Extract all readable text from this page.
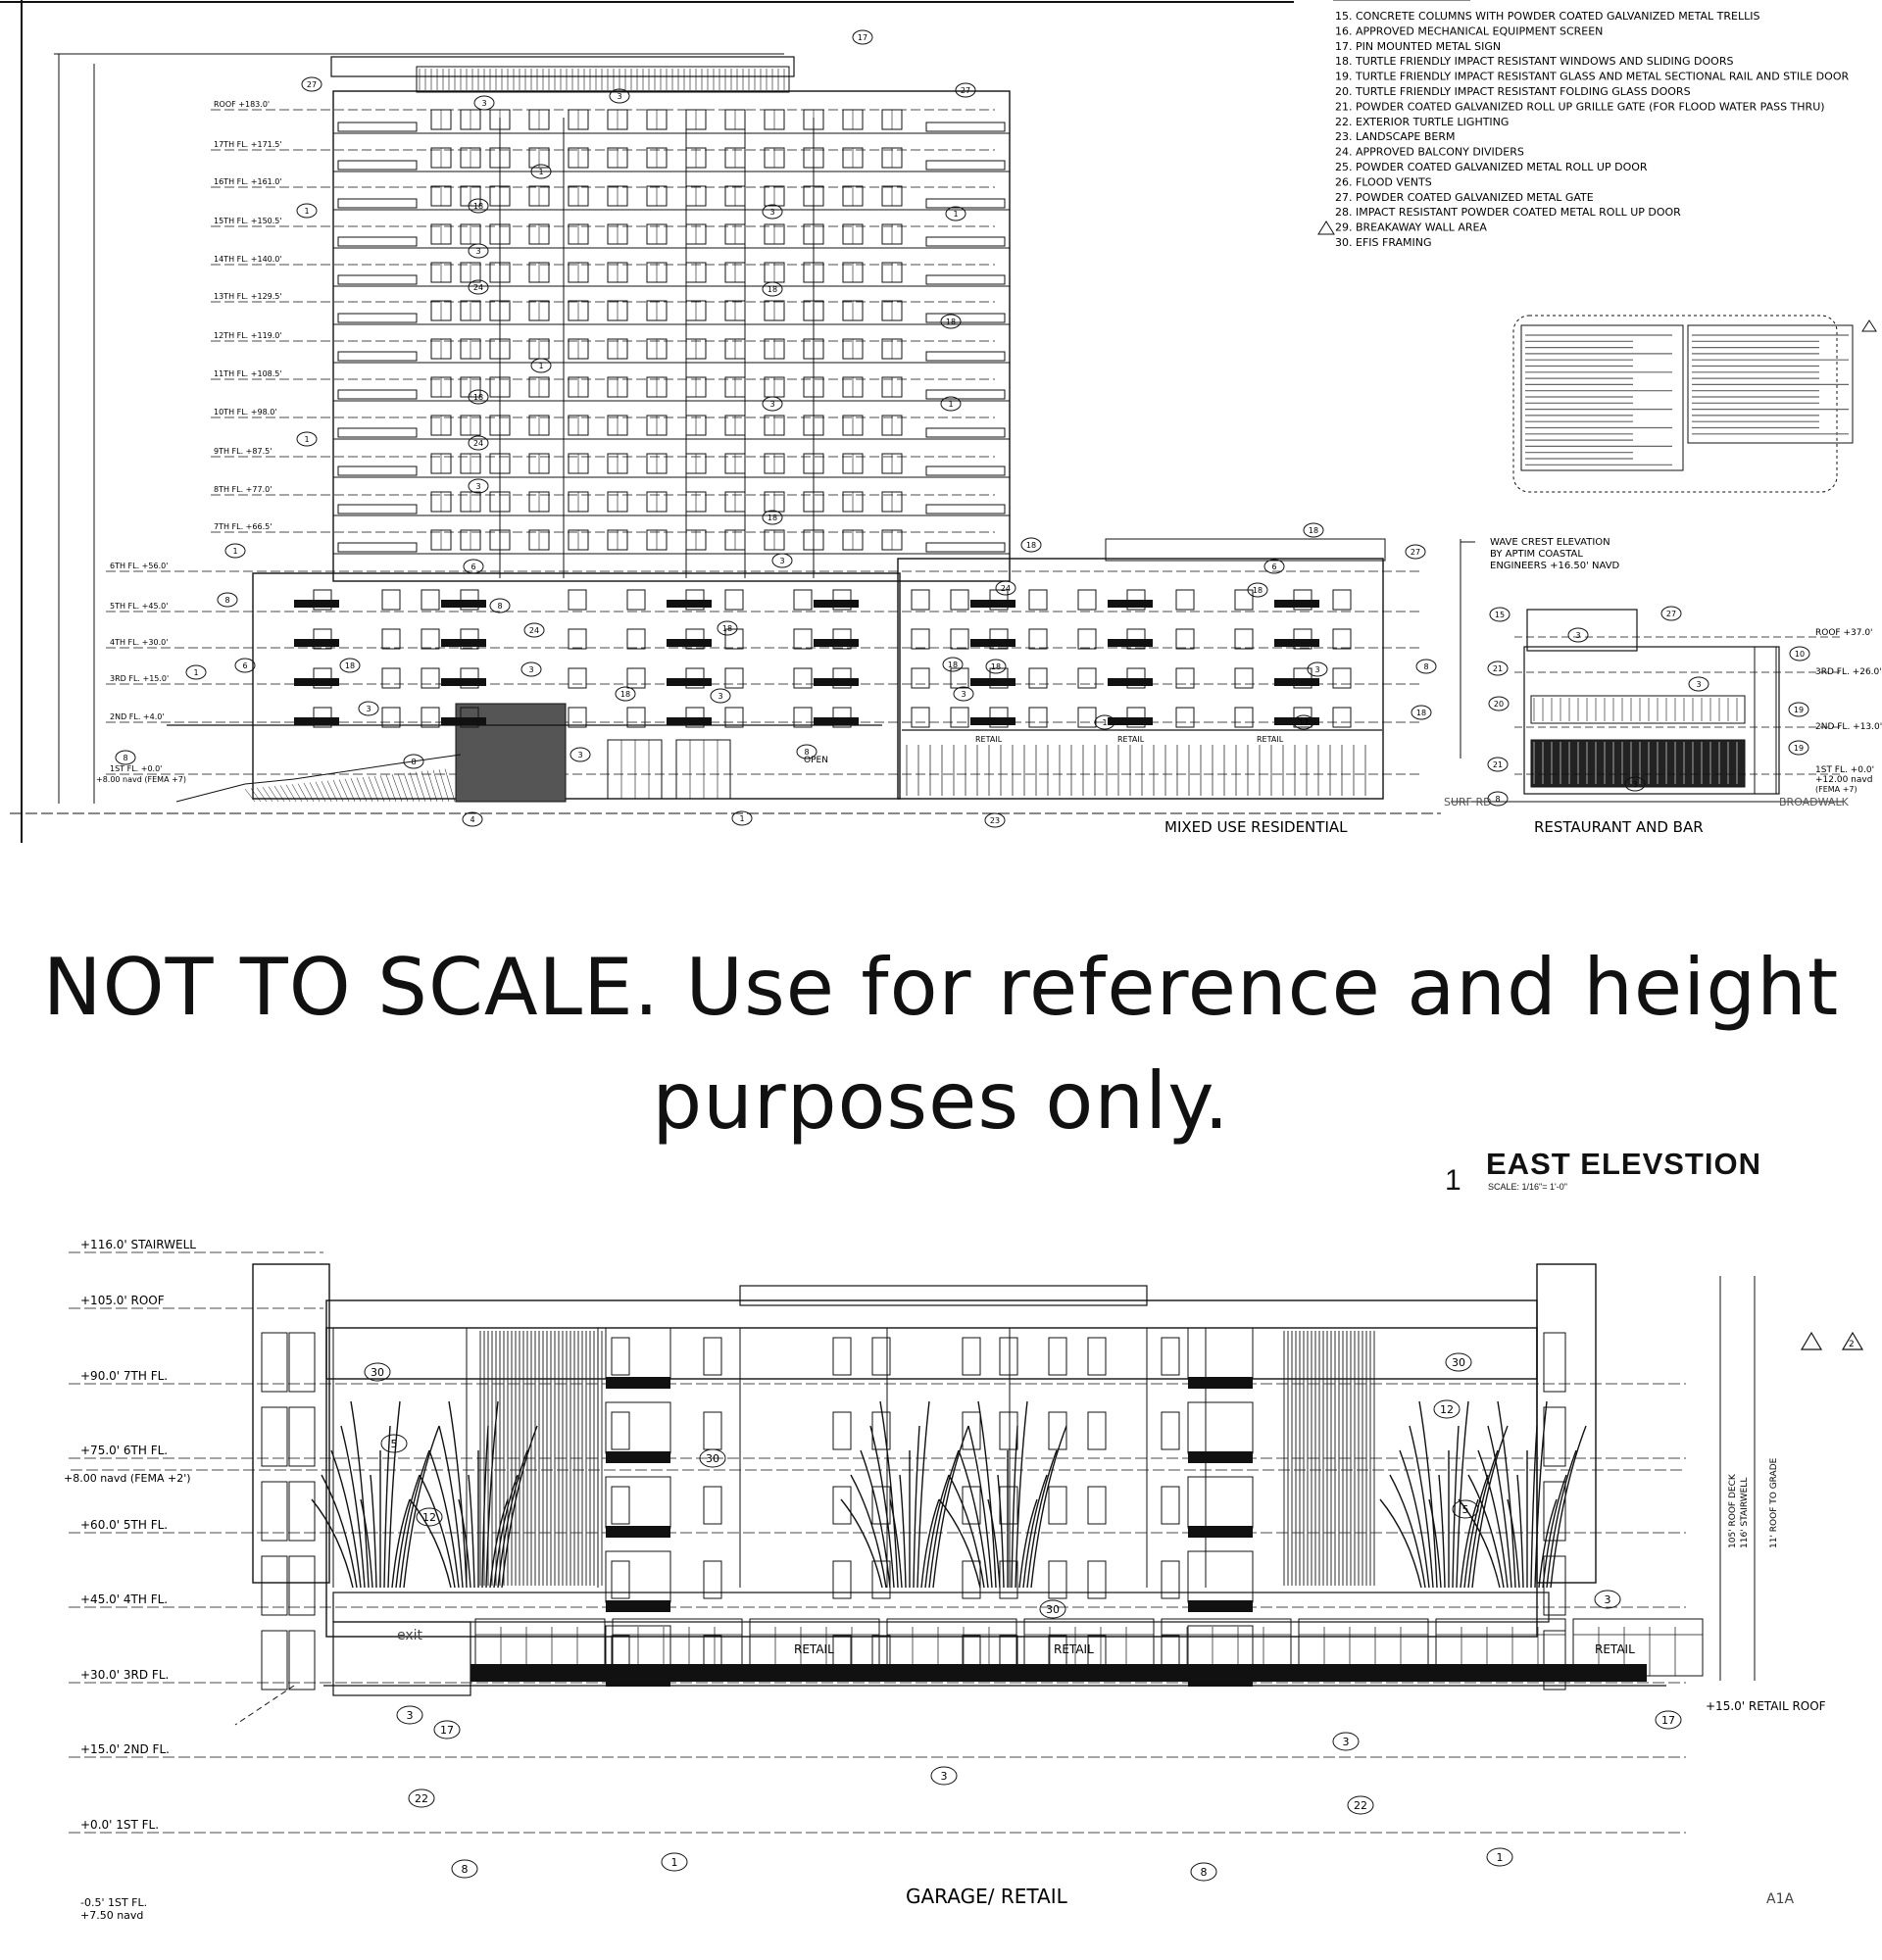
ROOF +183.0'
17TH FL. +171.5'
16TH FL. +161.0'
15TH FL. +150.5'
14TH FL. +140.0'
13TH FL. +129.5'
12TH FL. +119.0'
11TH FL. +108.5'
10TH FL. +98.0'
9TH FL. +87.5'
8TH FL. +77.0'
7TH FL. +66.5'
6TH FL. +56.0'
5TH FL. +45.0'
4TH FL. +30.0'
3RD FL. +15.0'
2ND FL. +4.0'
1ST FL. +0.0'
ROOF +37.0'
3RD FL. +26.0'
2ND FL. +13.0'
1ST FL. +0.0'
+12.00 navd
(FEMA +7)
WAVE CREST ELEVATION
BY APTIM COASTAL
ENGINEERS +16.50' NAVD
OPEN
RETAIL	RETAIL	RETAIL
MIXED USE RESIDENTIAL	RESTAURANT AND BAR
SURF RD	BROADWALK
+8.00 navd (FEMA +7)
17
27
3
3
27
1
1
18
1
3
3
24	18
18
1
18
3	1
1	24
3
18
3
1
6
8
8
18
18
27
24
6
18
24	18
1
6	18
18	3
18	18	3	8
18
3
3
3
3
8
8
1	17
8
4	1	23
8
15	27
3
3
21
20
21
3
10
19
19
15. CONCRETE COLUMNS WITH POWDER COATED GALVANIZED METAL TRELLIS
16. APPROVED MECHANICAL EQUIPMENT SCREEN
17. PIN MOUNTED METAL SIGN
18. TURTLE FRIENDLY IMPACT RESISTANT WINDOWS AND SLIDING DOORS
19. TURTLE FRIENDLY IMPACT RESISTANT GLASS AND METAL SECTIONAL RAIL AND STILE DOOR
20. TURTLE FRIENDLY IMPACT RESISTANT FOLDING GLASS DOORS
21. POWDER COATED GALVANIZED ROLL UP GRILLE GATE (FOR FLOOD WATER PASS THRU)
22. EXTERIOR TURTLE LIGHTING
23. LANDSCAPE BERM
24. APPROVED BALCONY DIVIDERS
25. POWDER COATED GALVANIZED METAL ROLL UP DOOR
26. FLOOD VENTS
27. POWDER COATED GALVANIZED METAL GATE
28. IMPACT RESISTANT POWDER COATED METAL ROLL UP DOOR
29. BREAKAWAY WALL AREA
30. EFIS FRAMING
NOT TO SCALE. Use for reference and height
purposes only.
1 EAST ELEVSTION
SCALE: 1/16"= 1'-0"
+116.0' STAIRWELL
+105.0' ROOF
+90.0' 7TH FL.
+75.0' 6TH FL.
+60.0' 5TH FL.
+45.0' 4TH FL.
+30.0' 3RD FL.
+15.0' 2ND FL.
+0.0' 1ST FL.
exit
RETAIL	RETAIL	RETAIL
105' ROOF DECK 116' STAIRWELL 11' ROOF TO GRADE
+15.0' RETAIL ROOF
2
+8.00 navd (FEMA +2')
-0.5' 1ST FL.
+7.50 navd
GARAGE/ RETAIL	A1A
30
5
12
30
30
30
12
5
3
3
17
22
3
3
22
17
1
8	8
1
